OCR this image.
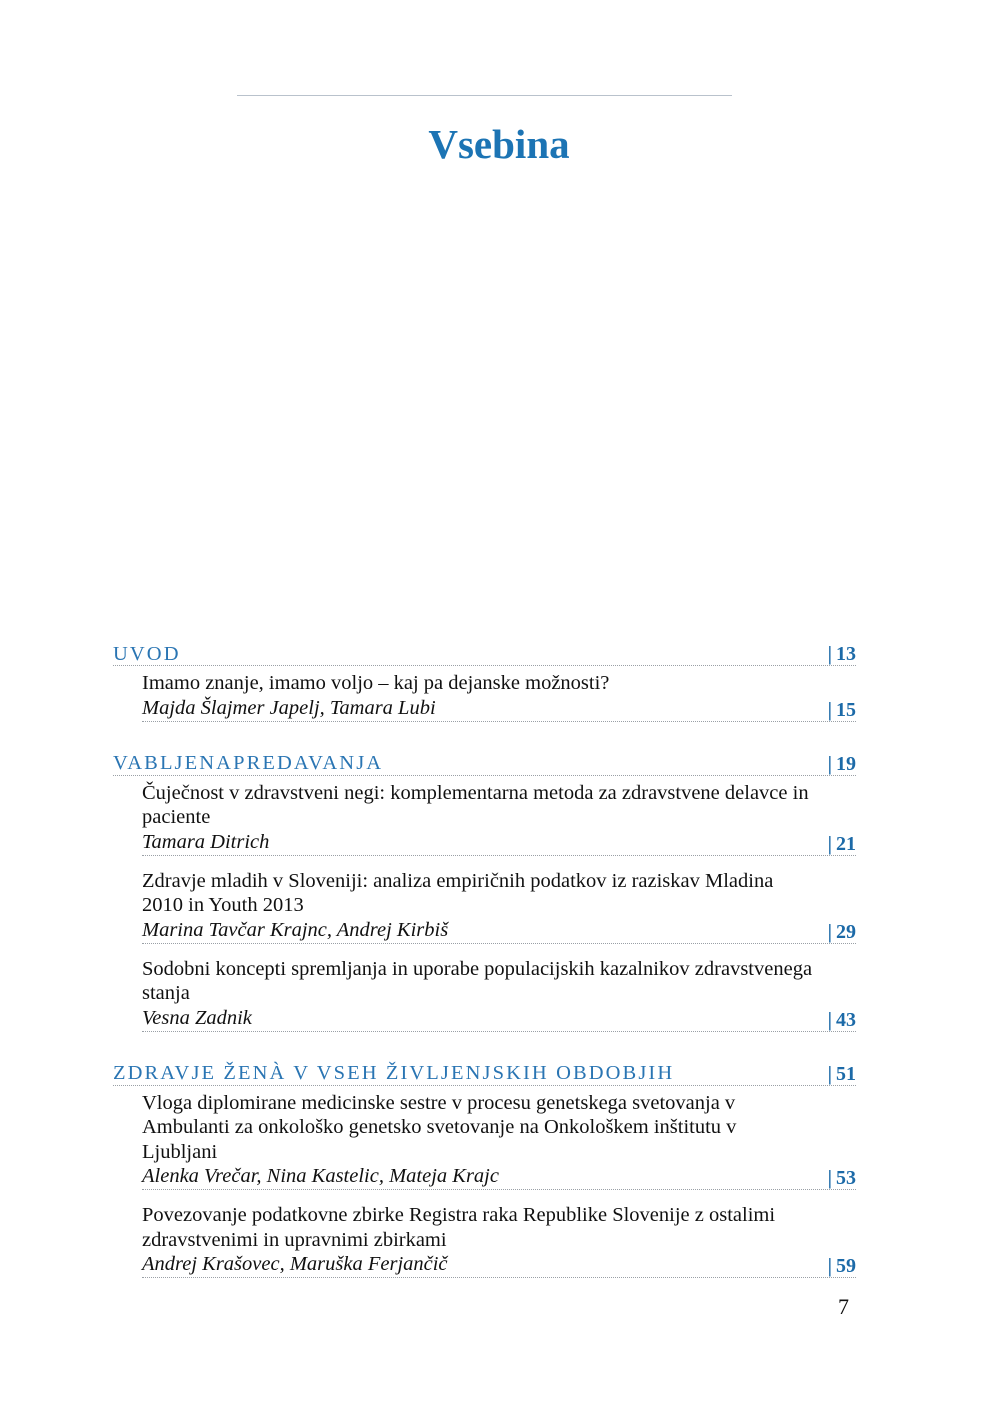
Vsebina
UVOD	| 13
Imamo znanje, imamo voljo – kaj pa dejanske možnosti?
Majda Šlajmer Japelj, Tamara Lubi	| 15
VABLJENAPREDAVANJA	| 19
Čuječnost v zdravstveni negi: komplementarna metoda za zdravstvene delavce in paciente
Tamara Ditrich	| 21
Zdravje mladih v Sloveniji: analiza empiričnih podatkov iz raziskav Mladina 2010 in Youth 2013
Marina Tavčar Krajnc, Andrej Kirbiš	| 29
Sodobni koncepti spremljanja in uporabe populacijskih kazalnikov zdravstvenega stanja
Vesna Zadnik	| 43
ZDRAVJE ŽENÀ V VSEH ŽIVLJENJSKIH OBDOBJIH	| 51
Vloga diplomirane medicinske sestre v procesu genetskega svetovanja v Ambulanti za onkološko genetsko svetovanje na Onkološkem inštitutu v Ljubljani
Alenka Vrečar, Nina Kastelic, Mateja Krajc	| 53
Povezovanje podatkovne zbirke Registra raka Republike Slovenije z ostalimi zdravstvenimi in upravnimi zbirkami
Andrej Krašovec, Maruška Ferjančič	| 59
7
